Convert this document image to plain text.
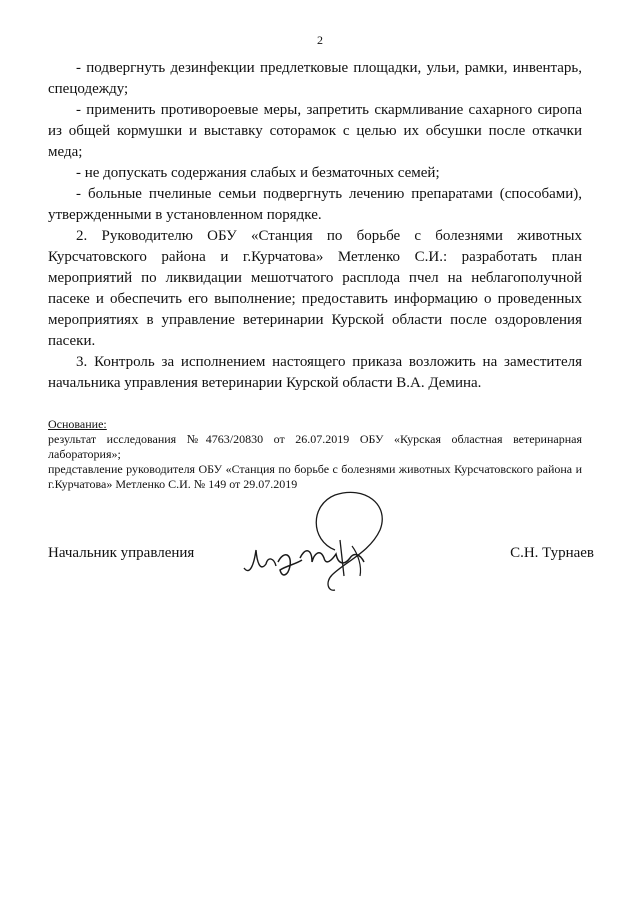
2

- подвергнуть дезинфекции предлетковые площадки, ульи, рамки, инвентарь, спецодежду;

- применить противороевые меры, запретить скармливание сахарного сиропа из общей кормушки и выставку сотoрамок с целью их обсушки после откачки меда;

- не допускать содержания слабых и безматочных семей;

- больные пчелиные семьи подвергнуть лечению препаратами (способами), утвержденными в установленном порядке.

2. Руководителю ОБУ «Станция по борьбе с болезнями животных Курсчатовского района и г.Курчатова» Метленко С.И.: разработать план мероприятий по ликвидации мешотчатого расплода пчел на неблагополучной пасеке и обеспечить его выполнение; предоставить информацию о проведенных мероприятиях в управление ветеринарии Курской области после оздоровления пасеки.

3. Контроль за исполнением настоящего приказа возложить на заместителя начальника управления ветеринарии Курской области В.А. Демина.

Основание:

результат исследования №4763/20830 от 26.07.2019 ОБУ «Курская областная ветеринарная лаборатория»;

представление руководителя ОБУ «Станция по борьбе с болезнями животных Курсчатовского района и г.Курчатова» Метленко С.И. № 149 от 29.07.2019

Начальник управления	С.Н. Турнаев
